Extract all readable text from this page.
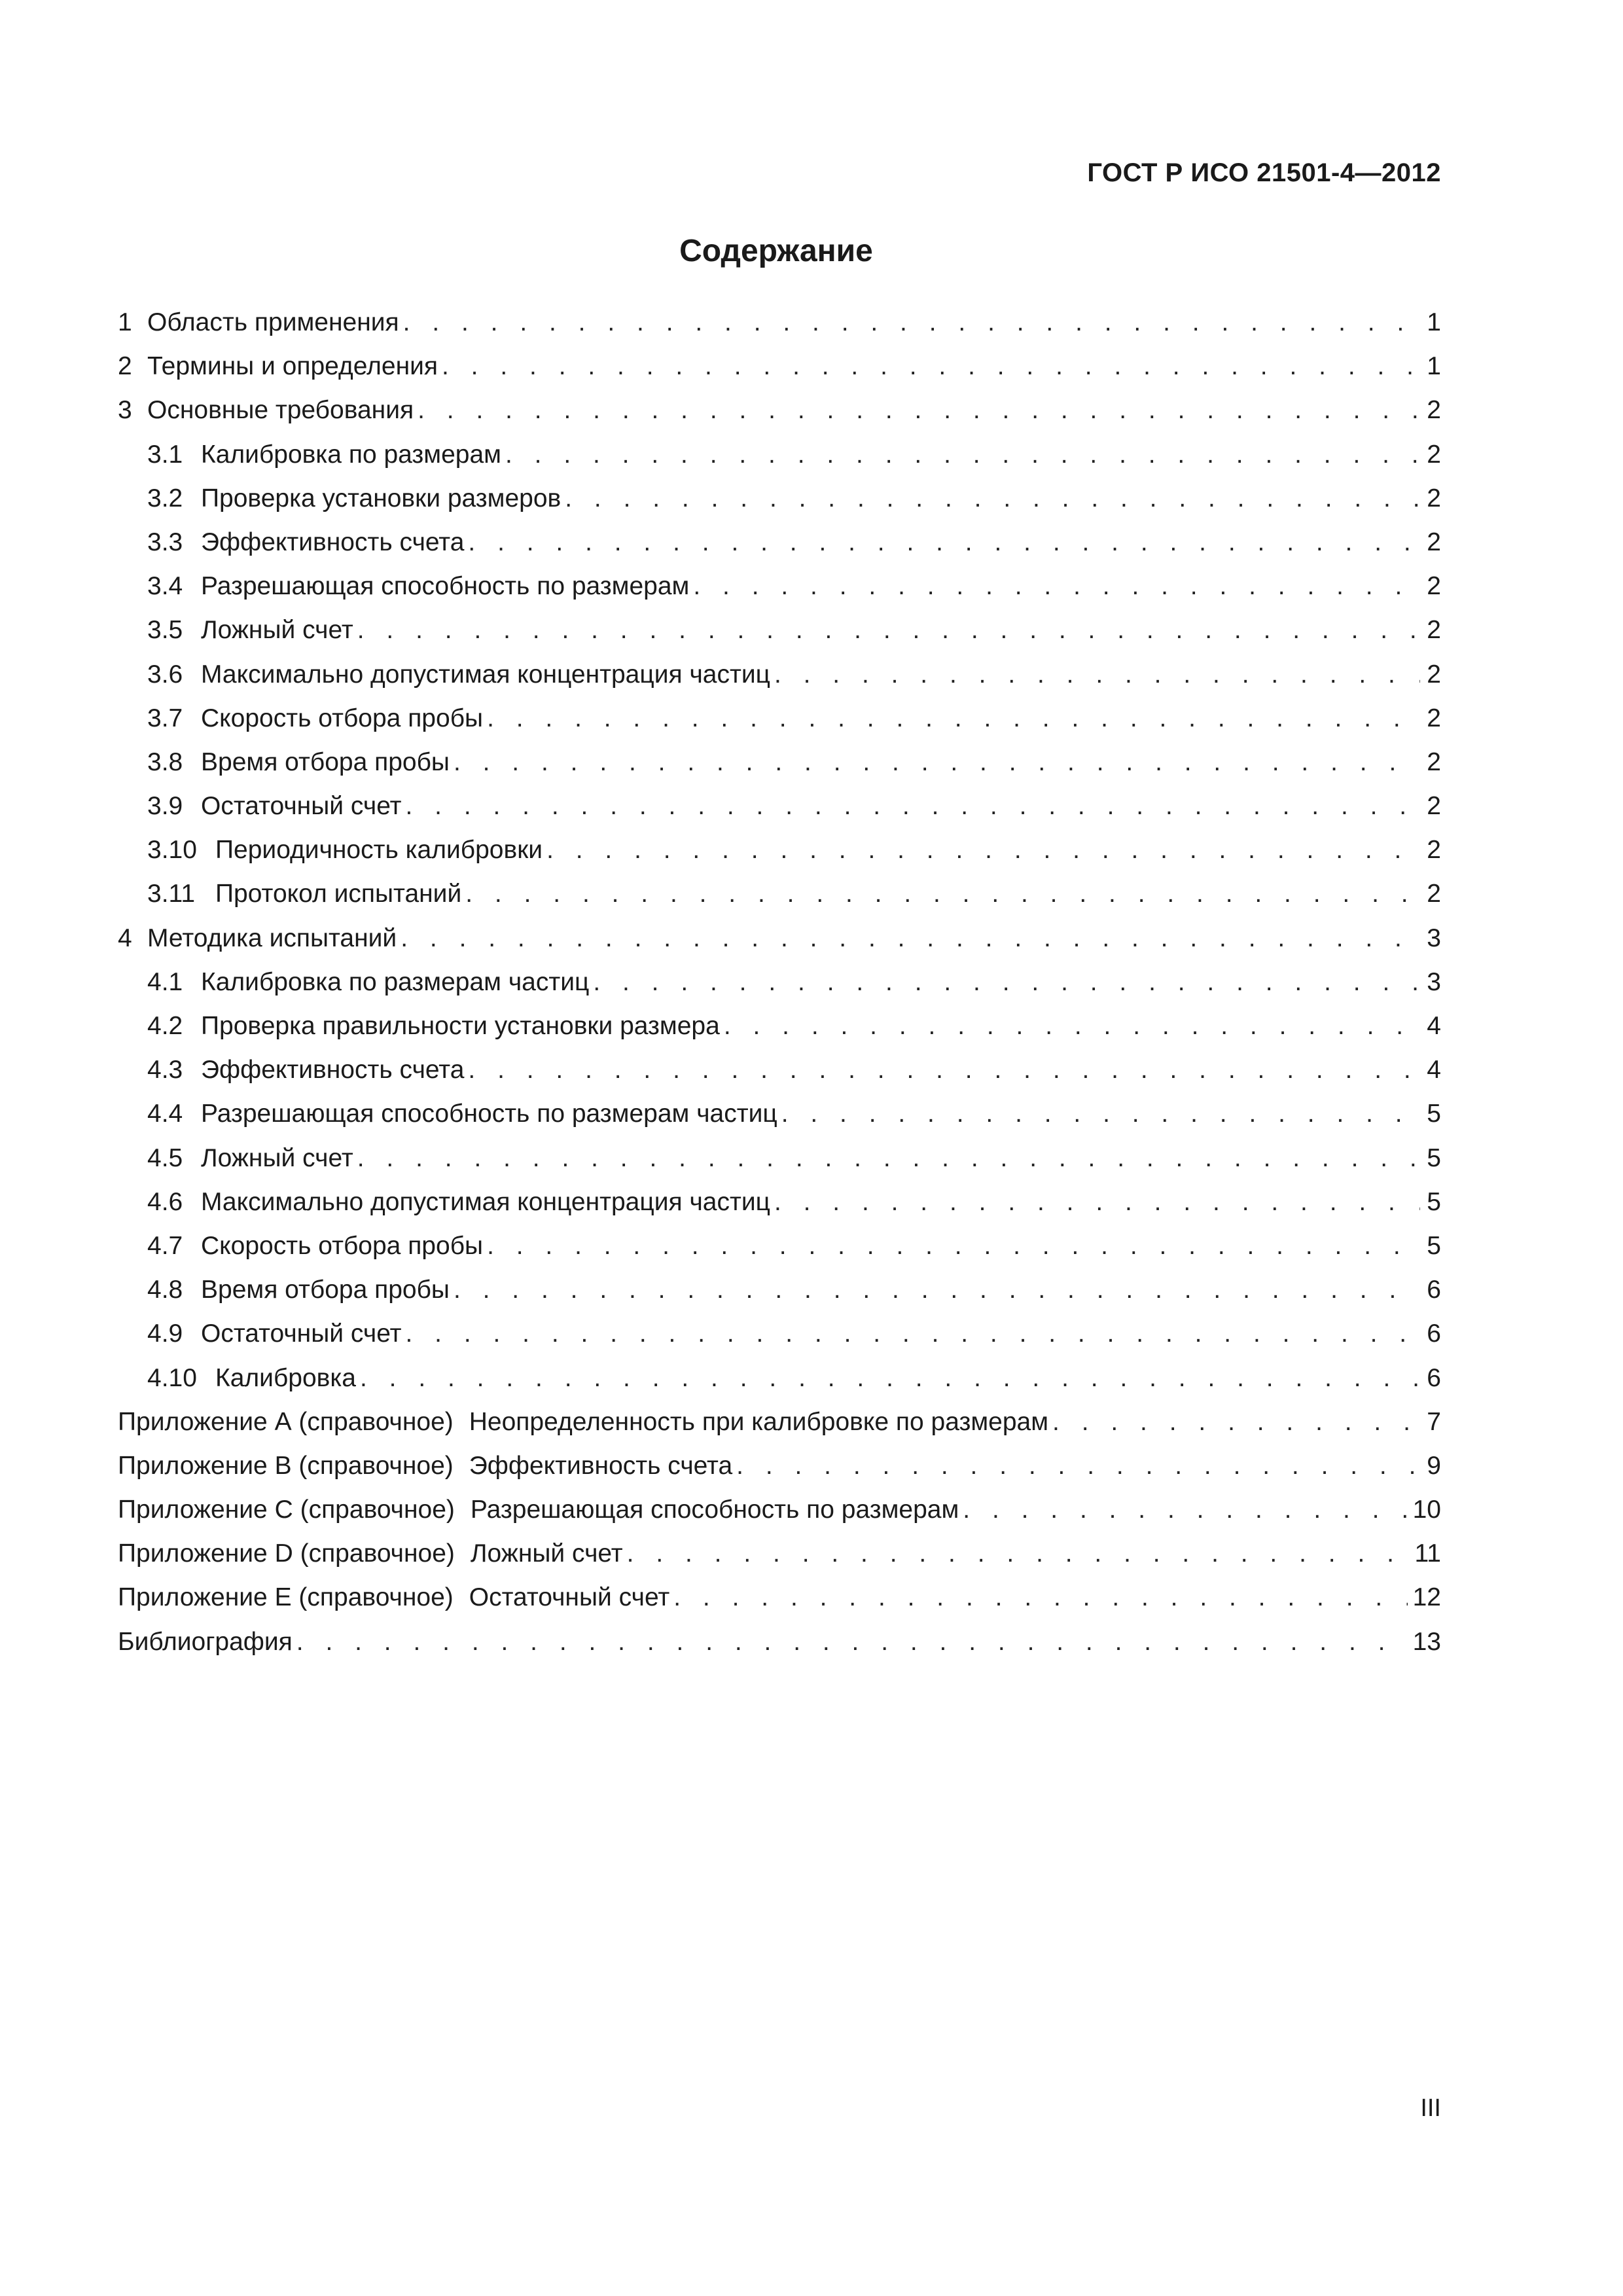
ГОСТ Р ИСО 21501-4—2012
Содержание
1 Область применения . . .	1
2 Термины и определения . . .	1
3 Основные требования . . .	2
3.1 Калибровка по размерам . . .	2
3.2 Проверка установки размеров . . .	2
3.3 Эффективность счета . . .	2
3.4 Разрешающая способность по размерам . . .	2
3.5 Ложный счет . . .	2
3.6 Максимально допустимая концентрация частиц . . .	2
3.7 Скорость отбора пробы . . .	2
3.8 Время отбора пробы . . .	2
3.9 Остаточный счет . . .	2
3.10 Периодичность калибровки . . .	2
3.11 Протокол испытаний . . .	2
4 Методика испытаний . . .	3
4.1 Калибровка по размерам частиц . . .	3
4.2 Проверка правильности установки размера . . .	4
4.3 Эффективность счета . . .	4
4.4 Разрешающая способность по размерам частиц . . .	5
4.5 Ложный счет . . .	5
4.6 Максимально допустимая концентрация частиц . . .	5
4.7 Скорость отбора пробы . . .	5
4.8 Время отбора пробы . . .	6
4.9 Остаточный счет . . .	6
4.10 Калибровка . . .	6
Приложение А (справочное) Неопределенность при калибровке по размерам . . .	7
Приложение В (справочное) Эффективность счета . . .	9
Приложение С (справочное) Разрешающая способность по размерам . . .	10
Приложение D (справочное) Ложный счет . . .	11
Приложение Е (справочное) Остаточный счет . . .	12
Библиография . . .	13
III
